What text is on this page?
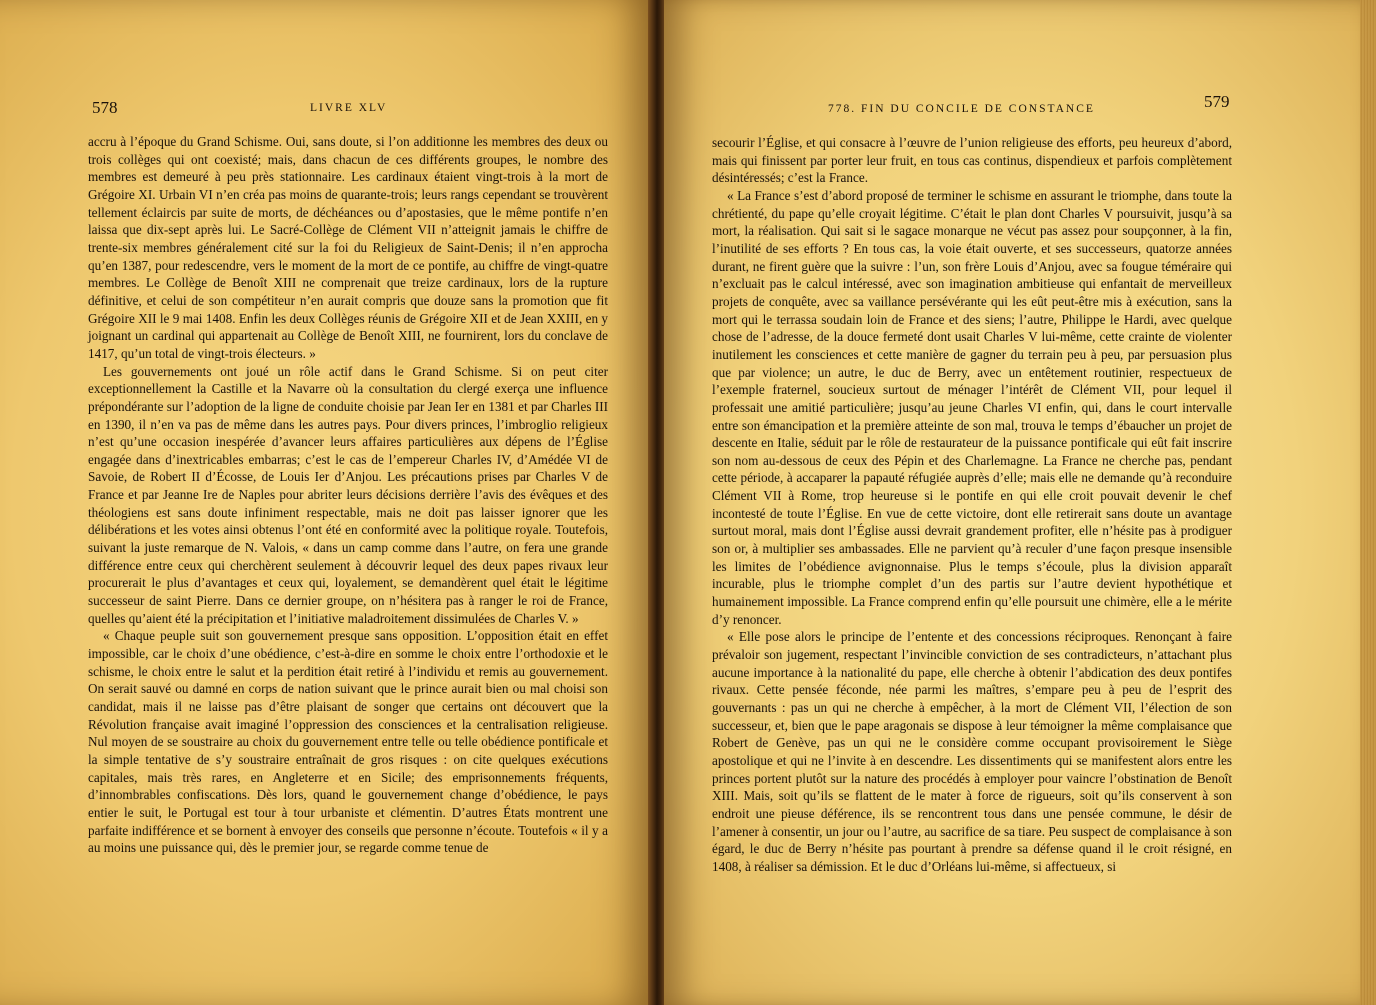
578	LIVRE XLV

accru à l’époque du Grand Schisme. Oui, sans doute, si l’on additionne les membres des deux ou trois collèges qui ont coexisté; mais, dans chacun de ces différents groupes, le nombre des membres est demeuré à peu près stationnaire. Les cardinaux étaient vingt-trois à la mort de Grégoire XI. Urbain VI n’en créa pas moins de quarante-trois; leurs rangs cependant se trouvèrent tellement éclaircis par suite de morts, de déchéances ou d’apostasies, que le même pontife n’en laissa que dix-sept après lui. Le Sacré-Collège de Clément VII n’atteignit jamais le chiffre de trente-six membres généralement cité sur la foi du Religieux de Saint-Denis; il n’en approcha qu’en 1387, pour redescendre, vers le moment de la mort de ce pontife, au chiffre de vingt-quatre membres. Le Collège de Benoît XIII ne comprenait que treize cardinaux, lors de la rupture définitive, et celui de son compétiteur n’en aurait compris que douze sans la promotion que fit Grégoire XII le 9 mai 1408. Enfin les deux Collèges réunis de Grégoire XII et de Jean XXIII, en y joignant un cardinal qui appartenait au Collège de Benoît XIII, ne fournirent, lors du conclave de 1417, qu’un total de vingt-trois électeurs. »

Les gouvernements ont joué un rôle actif dans le Grand Schisme. Si on peut citer exceptionnellement la Castille et la Navarre où la consultation du clergé exerça une influence prépondérante sur l’adoption de la ligne de conduite choisie par Jean Ier en 1381 et par Charles III en 1390, il n’en va pas de même dans les autres pays. Pour divers princes, l’imbroglio religieux n’est qu’une occasion inespérée d’avancer leurs affaires particulières aux dépens de l’Église engagée dans d’inextricables embarras; c’est le cas de l’empereur Charles IV, d’Amédée VI de Savoie, de Robert II d’Écosse, de Louis Ier d’Anjou. Les précautions prises par Charles V de France et par Jeanne Ire de Naples pour abriter leurs décisions derrière l’avis des évêques et des théologiens est sans doute infiniment respectable, mais ne doit pas laisser ignorer que les délibérations et les votes ainsi obtenus l’ont été en conformité avec la politique royale. Toutefois, suivant la juste remarque de N. Valois, « dans un camp comme dans l’autre, on fera une grande différence entre ceux qui cherchèrent seulement à découvrir lequel des deux papes rivaux leur procurerait le plus d’avantages et ceux qui, loyalement, se demandèrent quel était le légitime successeur de saint Pierre. Dans ce dernier groupe, on n’hésitera pas à ranger le roi de France, quelles qu’aient été la précipitation et l’initiative maladroitement dissimulées de Charles V. »

« Chaque peuple suit son gouvernement presque sans opposition. L’opposition était en effet impossible, car le choix d’une obédience, c’est-à-dire en somme le choix entre l’orthodoxie et le schisme, le choix entre le salut et la perdition était retiré à l’individu et remis au gouvernement. On serait sauvé ou damné en corps de nation suivant que le prince aurait bien ou mal choisi son candidat, mais il ne laisse pas d’être plaisant de songer que certains ont découvert que la Révolution française avait imaginé l’oppression des consciences et la centralisation religieuse. Nul moyen de se soustraire au choix du gouvernement entre telle ou telle obédience pontificale et la simple tentative de s’y soustraire entraînait de gros risques : on cite quelques exécutions capitales, mais très rares, en Angleterre et en Sicile; des emprisonnements fréquents, d’innombrables confiscations. Dès lors, quand le gouvernement change d’obédience, le pays entier le suit, le Portugal est tour à tour urbaniste et clémentin. D’autres États montrent une parfaite indifférence et se bornent à envoyer des conseils que personne n’écoute. Toutefois « il y a au moins une puissance qui, dès le premier jour, se regarde comme tenue de

778. FIN DU CONCILE DE CONSTANCE	579

secourir l’Église, et qui consacre à l’œuvre de l’union religieuse des efforts, peu heureux d’abord, mais qui finissent par porter leur fruit, en tous cas continus, dispendieux et parfois complètement désintéressés; c’est la France.

« La France s’est d’abord proposé de terminer le schisme en assurant le triomphe, dans toute la chrétienté, du pape qu’elle croyait légitime. C’était le plan dont Charles V poursuivit, jusqu’à sa mort, la réalisation. Qui sait si le sagace monarque ne vécut pas assez pour soupçonner, à la fin, l’inutilité de ses efforts ? En tous cas, la voie était ouverte, et ses successeurs, quatorze années durant, ne firent guère que la suivre : l’un, son frère Louis d’Anjou, avec sa fougue téméraire qui n’excluait pas le calcul intéressé, avec son imagination ambitieuse qui enfantait de merveilleux projets de conquête, avec sa vaillance persévérante qui les eût peut-être mis à exécution, sans la mort qui le terrassa soudain loin de France et des siens; l’autre, Philippe le Hardi, avec quelque chose de l’adresse, de la douce fermeté dont usait Charles V lui-même, cette crainte de violenter inutilement les consciences et cette manière de gagner du terrain peu à peu, par persuasion plus que par violence; un autre, le duc de Berry, avec un entêtement routinier, respectueux de l’exemple fraternel, soucieux surtout de ménager l’intérêt de Clément VII, pour lequel il professait une amitié particulière; jusqu’au jeune Charles VI enfin, qui, dans le court intervalle entre son émancipation et la première atteinte de son mal, trouva le temps d’ébaucher un projet de descente en Italie, séduit par le rôle de restaurateur de la puissance pontificale qui eût fait inscrire son nom au-dessous de ceux des Pépin et des Charlemagne. La France ne cherche pas, pendant cette période, à accaparer la papauté réfugiée auprès d’elle; mais elle ne demande qu’à reconduire Clément VII à Rome, trop heureuse si le pontife en qui elle croit pouvait devenir le chef incontesté de toute l’Église. En vue de cette victoire, dont elle retirerait sans doute un avantage surtout moral, mais dont l’Église aussi devrait grandement profiter, elle n’hésite pas à prodiguer son or, à multiplier ses ambassades. Elle ne parvient qu’à reculer d’une façon presque insensible les limites de l’obédience avignonnaise. Plus le temps s’écoule, plus la division apparaît incurable, plus le triomphe complet d’un des partis sur l’autre devient hypothétique et humainement impossible. La France comprend enfin qu’elle poursuit une chimère, elle a le mérite d’y renoncer.

« Elle pose alors le principe de l’entente et des concessions réciproques. Renonçant à faire prévaloir son jugement, respectant l’invincible conviction de ses contradicteurs, n’attachant plus aucune importance à la nationalité du pape, elle cherche à obtenir l’abdication des deux pontifes rivaux. Cette pensée féconde, née parmi les maîtres, s’empare peu à peu de l’esprit des gouvernants : pas un qui ne cherche à empêcher, à la mort de Clément VII, l’élection de son successeur, et, bien que le pape aragonais se dispose à leur témoigner la même complaisance que Robert de Genève, pas un qui ne le considère comme occupant provisoirement le Siège apostolique et qui ne l’invite à en descendre. Les dissentiments qui se manifestent alors entre les princes portent plutôt sur la nature des procédés à employer pour vaincre l’obstination de Benoît XIII. Mais, soit qu’ils se flattent de le mater à force de rigueurs, soit qu’ils conservent à son endroit une pieuse déférence, ils se rencontrent tous dans une pensée commune, le désir de l’amener à consentir, un jour ou l’autre, au sacrifice de sa tiare. Peu suspect de complaisance à son égard, le duc de Berry n’hésite pas pourtant à prendre sa défense quand il le croit résigné, en 1408, à réaliser sa démission. Et le duc d’Orléans lui-même, si affectueux, si
